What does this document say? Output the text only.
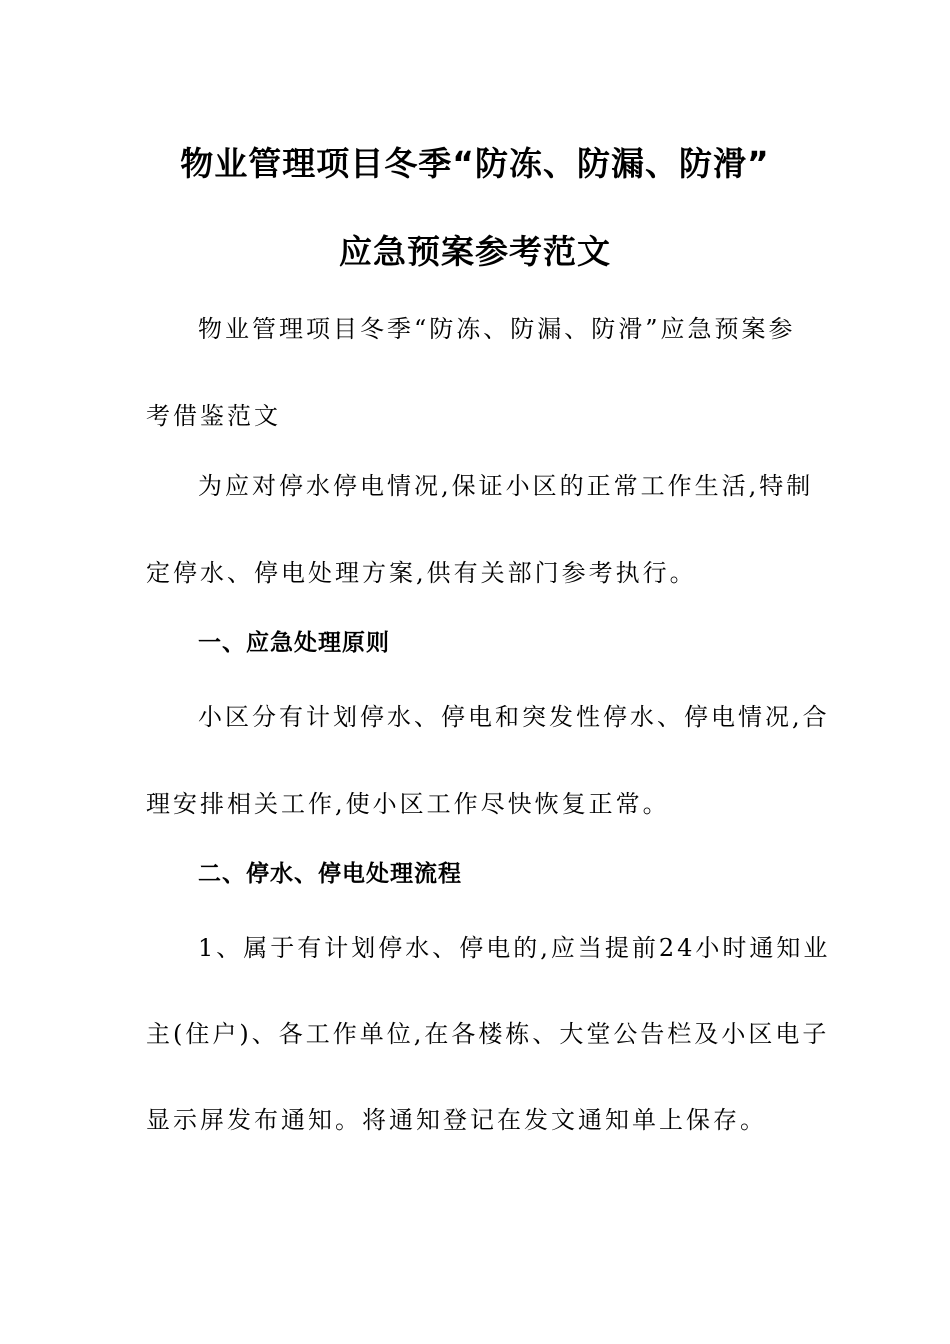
物业管理项目冬季“防冻、防漏、防滑”
应急预案参考范文
物业管理项目冬季“防冻、防漏、防滑”应急预案参
考借鉴范文
为应对停水停电情况,保证小区的正常工作生活,特制
定停水、停电处理方案,供有关部门参考执行。
一、应急处理原则
小区分有计划停水、停电和突发性停水、停电情况,合
理安排相关工作,使小区工作尽快恢复正常。
二、停水、停电处理流程
1、属于有计划停水、停电的,应当提前24小时通知业
主(住户)、各工作单位,在各楼栋、大堂公告栏及小区电子
显示屏发布通知。将通知登记在发文通知单上保存。
